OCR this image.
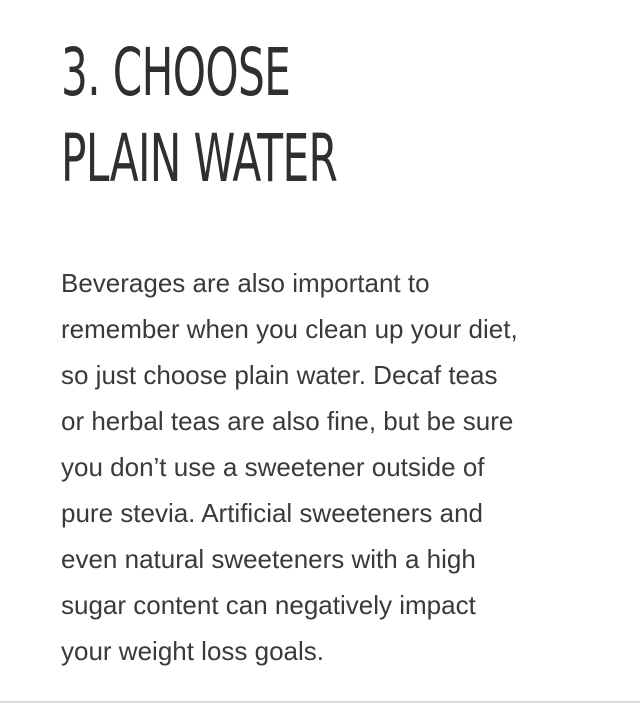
3. CHOOSE
PLAIN WATER

Beverages are also important to
remember when you clean up your diet,
so just choose plain water. Decaf teas
or herbal teas are also fine, but be sure
you don’t use a sweetener outside of
pure stevia. Artificial sweeteners and
even natural sweeteners with a high
sugar content can negatively impact
your weight loss goals.
